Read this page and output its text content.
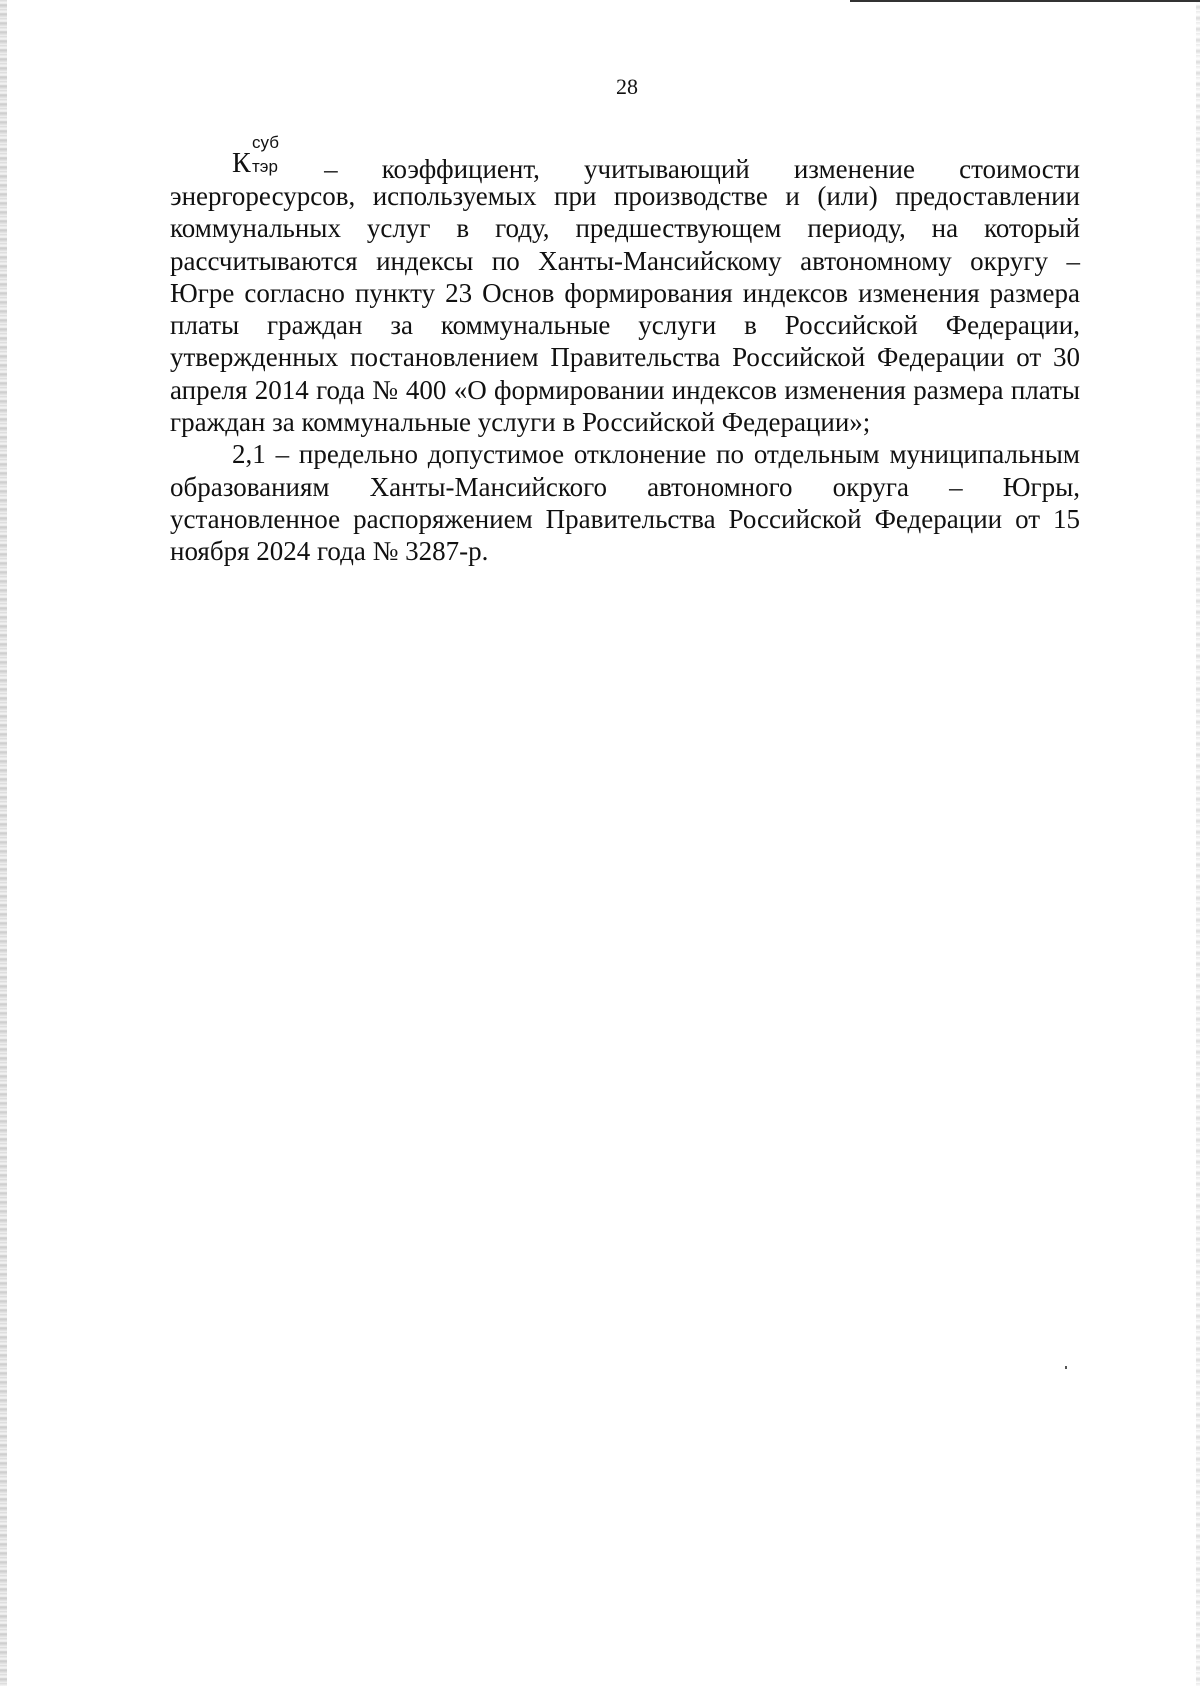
28
К
суб
тэр – коэффициент, учитывающий изменение стоимости

энергоресурсов, используемых при производстве и (или) предоставлении коммунальных услуг в году, предшествующем периоду, на который рассчитываются индексы по Ханты-Мансийскому автономному округу – Югре согласно пункту 23 Основ формирования индексов изменения размера платы граждан за коммунальные услуги в Российской Федерации, утвержденных постановлением Правительства Российской Федерации от 30 апреля 2014 года № 400 «О формировании индексов изменения размера платы граждан за коммунальные услуги в Российской Федерации»;

2,1 – предельно допустимое отклонение по отдельным муниципальным образованиям Ханты-Мансийского автономного округа – Югры, установленное распоряжением Правительства Российской Федерации от 15 ноября 2024 года № 3287-р.
